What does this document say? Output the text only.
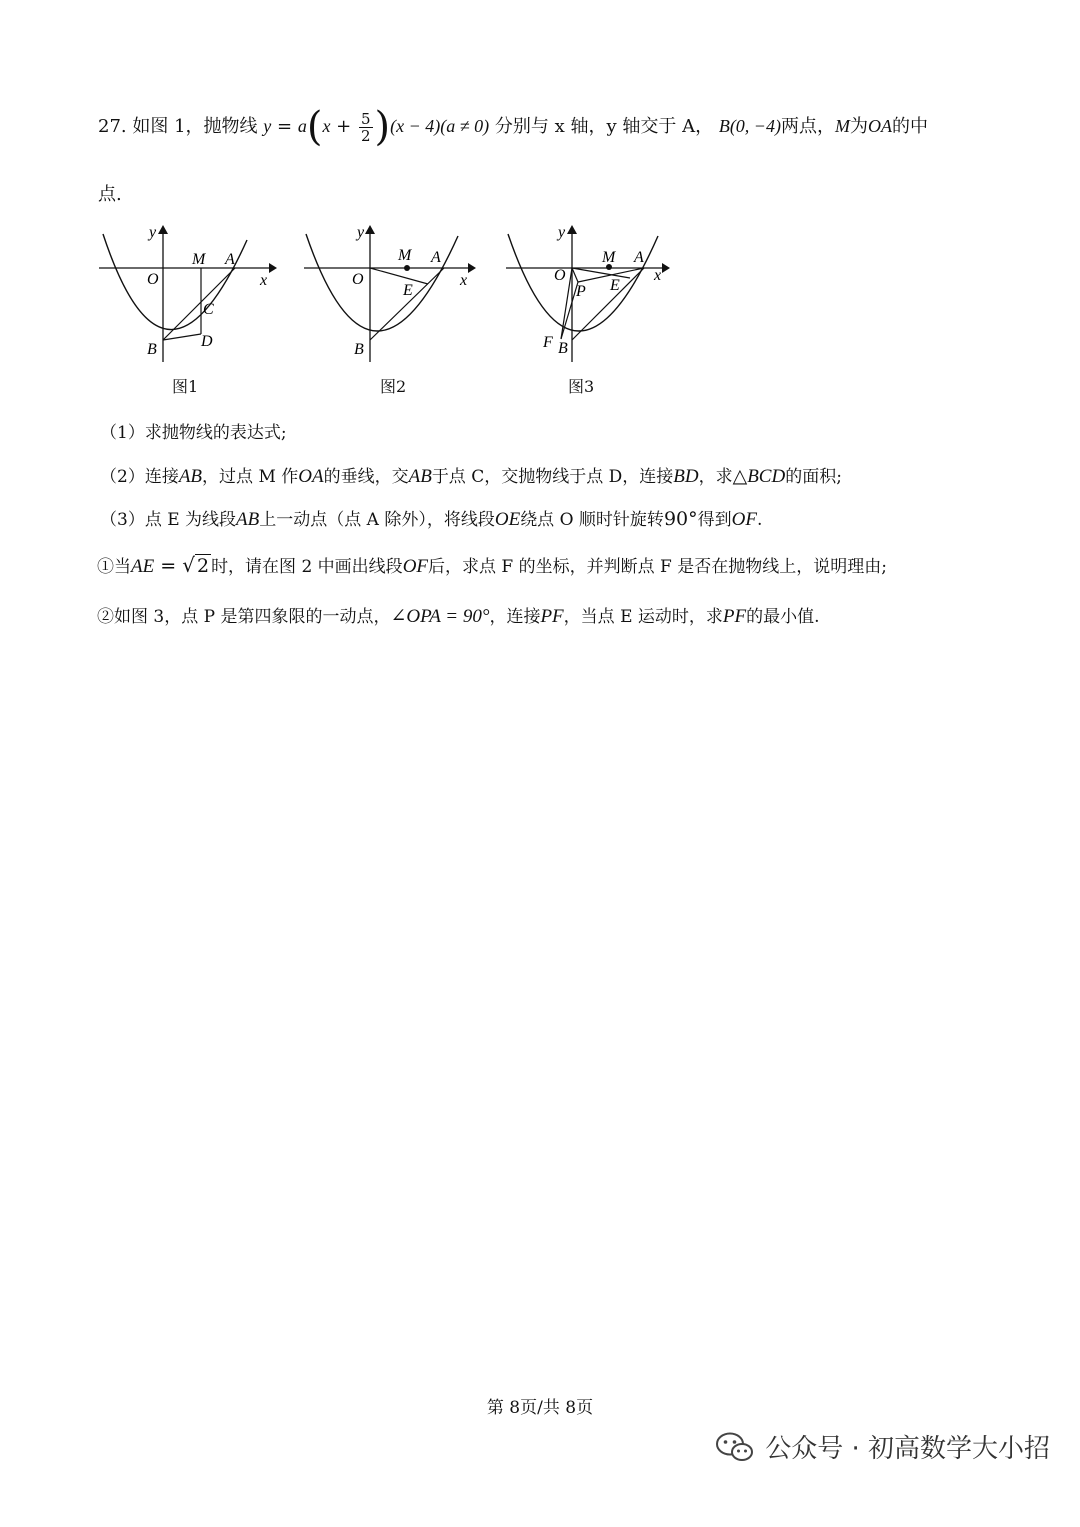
27. 如图 1，抛物线 $y = a(x + \frac{5}{2} )(x - 4)(a \ne 0)$ 分别与 x 轴，y 轴交于 A， B(0, −4)两点，M为OA的中
点.
y
x
O
M A
C
D
B
图1
y
x
O
M A
E
B
图2
y
x
O
M A
E
P
F B
图3
（1）求抛物线的表达式;
（2）连接AB，过点 M 作OA的垂线，交AB于点 C，交抛物线于点 D，连接BD，求△BCD的面积;
（3）点 E 为线段AB上一动点（点 A 除外），将线段OE绕点 O 顺时针旋转90°得到OF.
①当AE = √ 2 时，请在图 2 中画出线段OF后，求点 F 的坐标，并判断点 F 是否在抛物线上，说明理由;
②如图 3，点 P 是第四象限的一动点，∠OPA = 90°，连接PF，当点 E 运动时，求PF的最小值.
第 8页/共 8页
公众号 · 初高数学大小招
